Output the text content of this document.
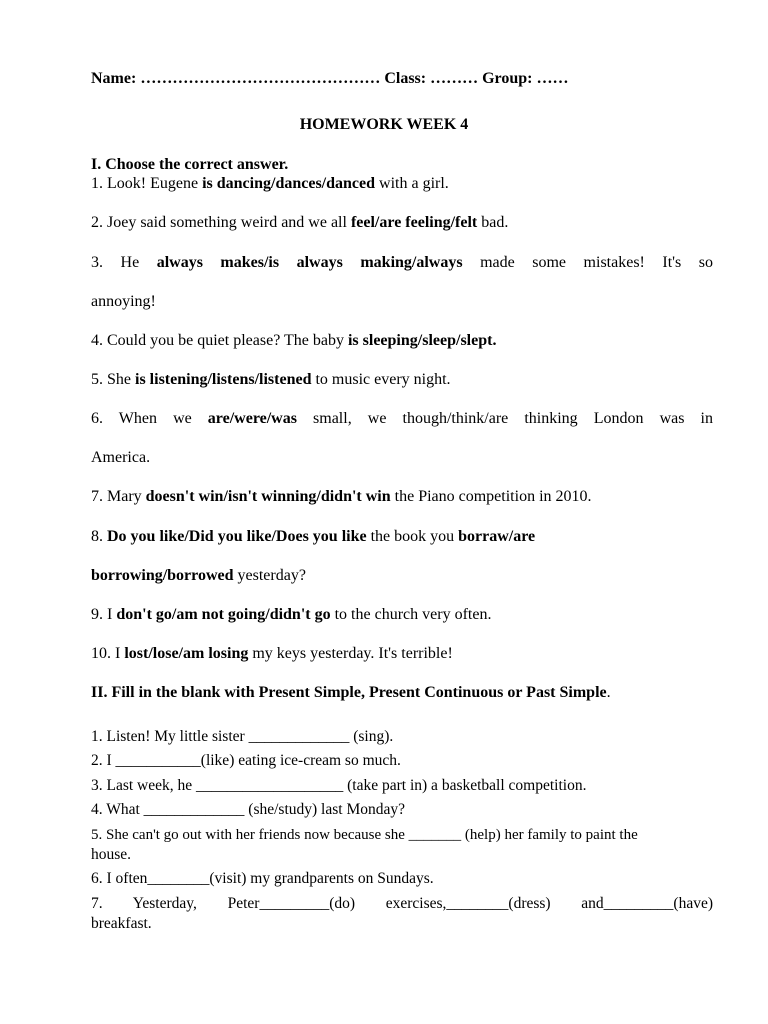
Name: ……………………………………… Class: ……… Group: ……
HOMEWORK WEEK 4
I. Choose the correct answer.
1. Look! Eugene is dancing/dances/danced with a girl.
2. Joey said something weird and we all feel/are feeling/felt bad.
3. He always makes/is always making/always made some mistakes! It's so
annoying!
4. Could you be quiet please? The baby is sleeping/sleep/slept.
5. She is listening/listens/listened to music every night.
6. When we are/were/was small, we though/think/are thinking London was in
America.
7. Mary doesn't win/isn't winning/didn't win the Piano competition in 2010.
8. Do you like/Did you like/Does you like the book you borraw/are
borrowing/borrowed yesterday?
9. I don't go/am not going/didn't go to the church very often.
10. I lost/lose/am losing my keys yesterday. It's terrible!
II. Fill in the blank with Present Simple, Present Continuous or Past Simple.
1. Listen! My little sister _____________ (sing).
2. I ___________(like) eating ice-cream so much.
3. Last week, he ___________________ (take part in) a basketball competition.
4. What _____________ (she/study) last Monday?
5. She can't go out with her friends now because she _______ (help) her family to paint the
house.
6. I often________(visit) my grandparents on Sundays.
7. Yesterday, Peter_________(do) exercises,________(dress) and_________(have)
breakfast.
